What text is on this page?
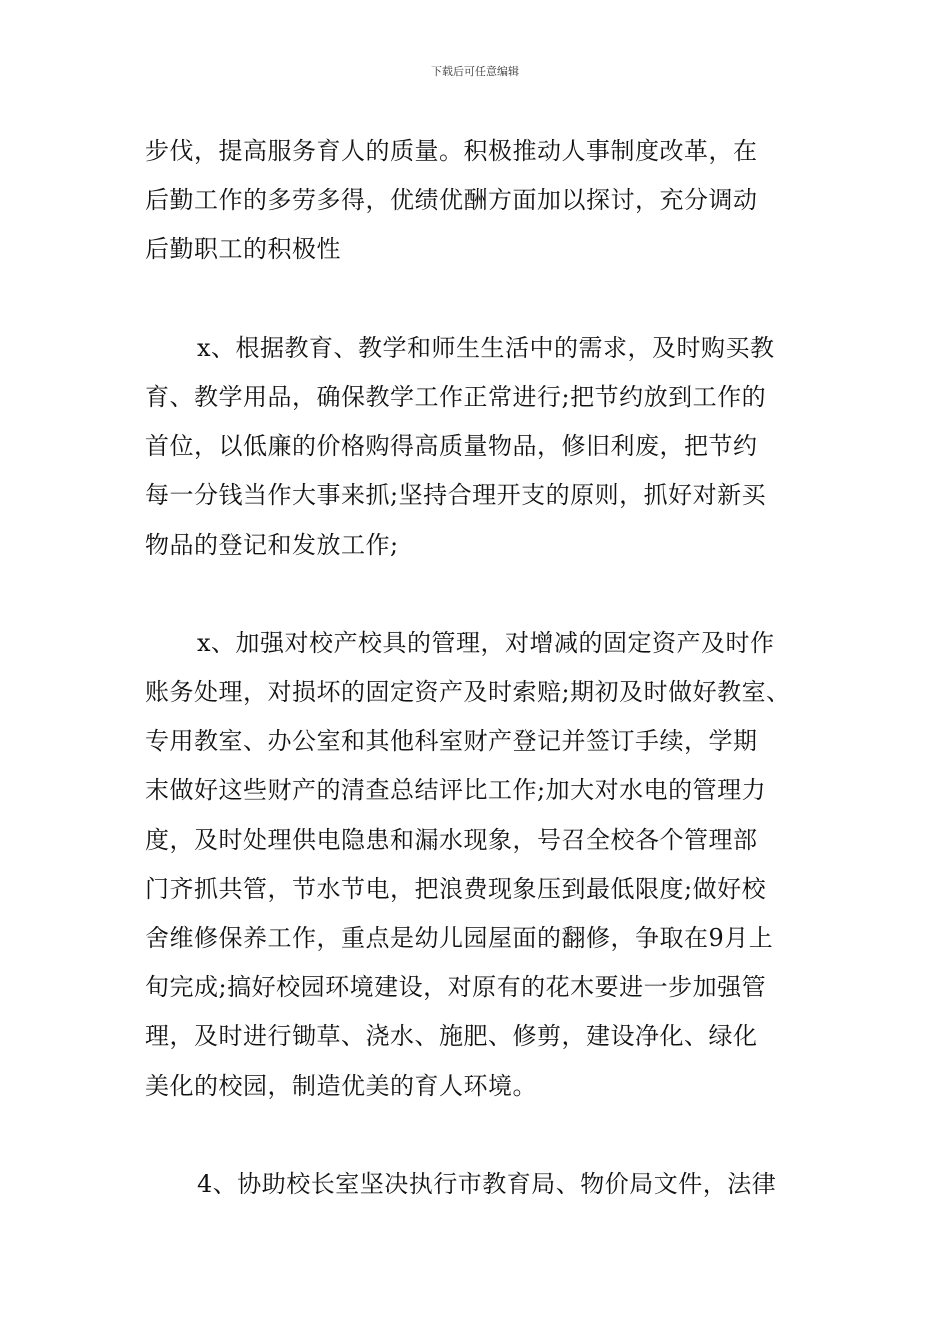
下载后可任意编辑
步伐，提高服务育人的质量。积极推动人事制度改革，在
后勤工作的多劳多得，优绩优酬方面加以探讨，充分调动
后勤职工的积极性
x、根据教育、教学和师生生活中的需求，及时购买教
育、教学用品，确保教学工作正常进行;把节约放到工作的
首位，以低廉的价格购得高质量物品，修旧利废，把节约
每一分钱当作大事来抓;坚持合理开支的原则，抓好对新买
物品的登记和发放工作;
x、加强对校产校具的管理，对增减的固定资产及时作
账务处理，对损坏的固定资产及时索赔;期初及时做好教室、
专用教室、办公室和其他科室财产登记并签订手续，学期
末做好这些财产的清查总结评比工作;加大对水电的管理力
度，及时处理供电隐患和漏水现象，号召全校各个管理部
门齐抓共管，节水节电，把浪费现象压到最低限度;做好校
舍维修保养工作，重点是幼儿园屋面的翻修，争取在9月上
旬完成;搞好校园环境建设，对原有的花木要进一步加强管
理，及时进行锄草、浇水、施肥、修剪，建设净化、绿化
美化的校园，制造优美的育人环境。
4、协助校长室坚决执行市教育局、物价局文件，法律
